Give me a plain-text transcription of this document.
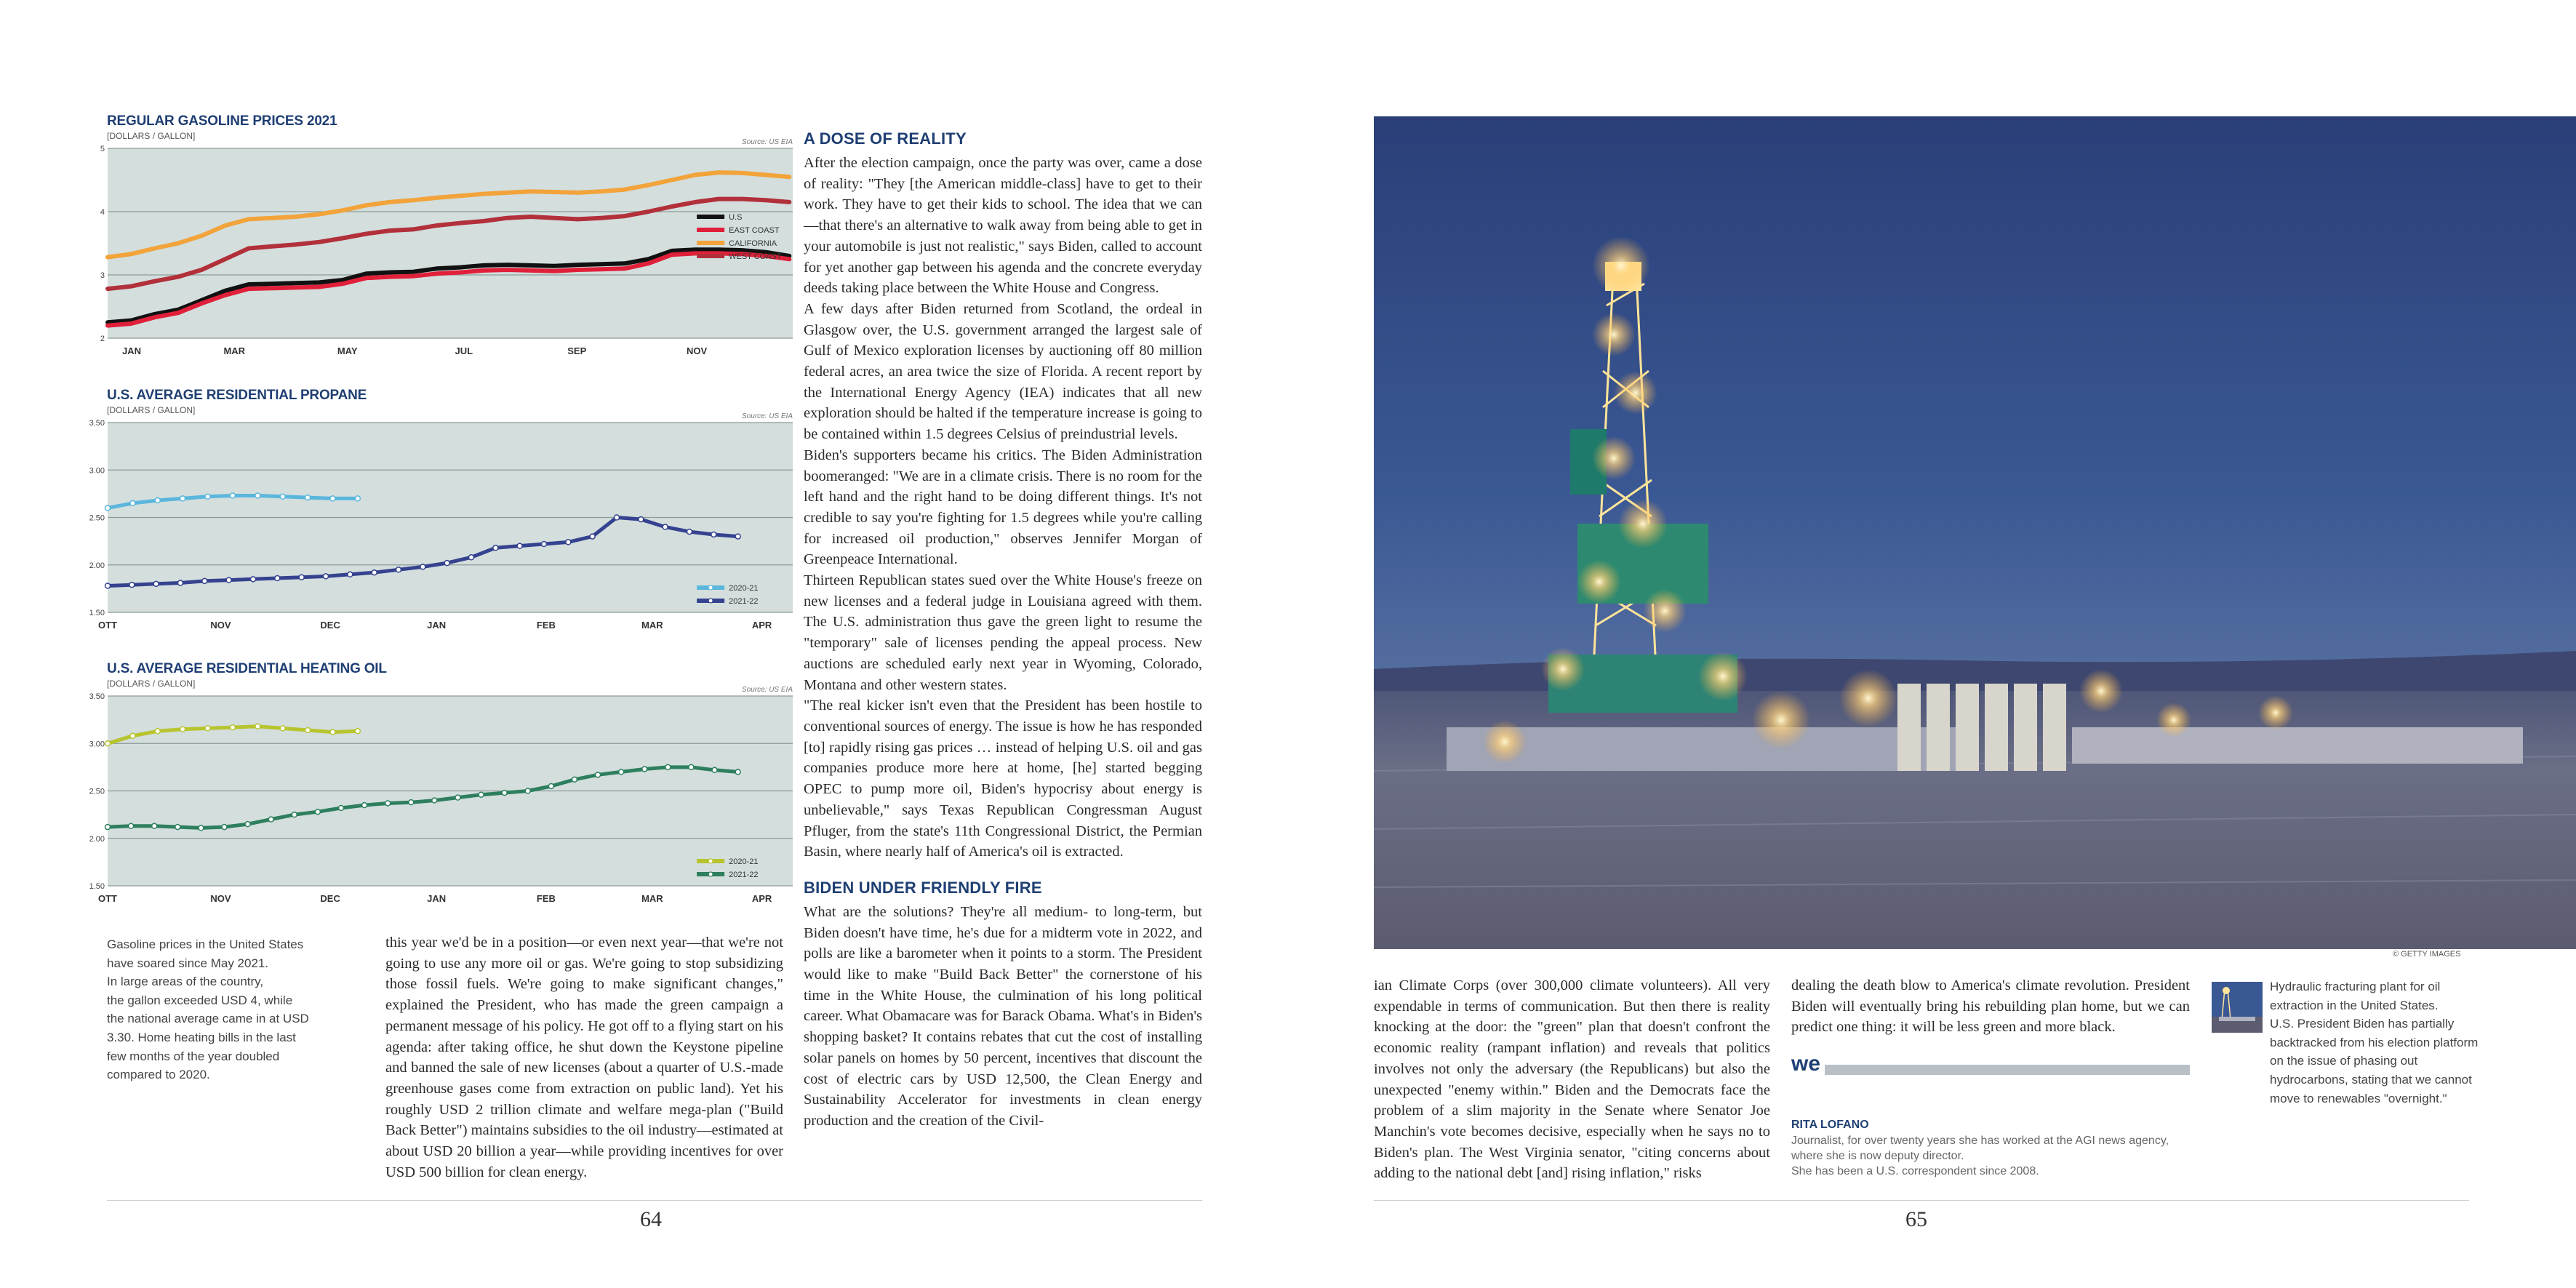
REGULAR GASOLINE PRICES 2021
[DOLLARS / GALLON]
5
4
3
2
Source: US EIA
JAN	MAR	MAY	JUL	SEP	NOV
U.S
EAST COAST
CALIFORNIA
WEST COAST
U.S. AVERAGE RESIDENTIAL PROPANE
[DOLLARS / GALLON]
3.50
3.00
2.50
2.00
1.50
Source: US EIA
OTT	NOV	DEC	JAN	FEB	MAR	APR
2020-21
2021-22
U.S. AVERAGE RESIDENTIAL HEATING OIL
[DOLLARS / GALLON]
3.50
3.00
2.50
2.00
1.50
Source: US EIA
OTT	NOV	DEC	JAN	FEB	MAR	APR
2020-21
2021-22

Gasoline prices in the United States

have soared since May 2021.

In large areas of the country,

the gallon exceeded USD 4, while

the national average came in at USD

3.30. Home heating bills in the last

few months of the year doubled

compared to 2020.

this year we'd be in a position—or even next year—that we're not going to use any more oil or gas. We're going to stop subsidizing those fossil fuels. We're going to make significant changes," explained the President, who has made the green campaign a permanent message of his policy. He got off to a flying start on his agenda: after taking office, he shut down the Keystone pipeline and banned the sale of new licenses (about a quarter of U.S.-made greenhouse gases come from extraction on public land). Yet his roughly USD 2 trillion climate and welfare mega-plan ("Build Back Better") maintains subsidies to the oil industry—estimated at about USD 20 billion a year—while providing incentives for over USD 500 billion for clean energy.

A DOSE OF REALITY

After the election campaign, once the party was over, came a dose of reality: "They [the American middle-class] have to get to their work. They have to get their kids to school. The idea that we can—that there's an alternative to walk away from being able to get in your automobile is just not realistic," says Biden, called to account for yet another gap between his agenda and the concrete everyday deeds taking place between the White House and Congress.

A few days after Biden returned from Scotland, the ordeal in Glasgow over, the U.S. government arranged the largest sale of Gulf of Mexico exploration licenses by auctioning off 80 million federal acres, an area twice the size of Florida. A recent report by the International Energy Agency (IEA) indicates that all new exploration should be halted if the temperature increase is going to be contained within 1.5 degrees Celsius of preindustrial levels.

Biden's supporters became his critics. The Biden Administration boomeranged: "We are in a climate crisis. There is no room for the left hand and the right hand to be doing different things. It's not credible to say you're fighting for 1.5 degrees while you're calling for increased oil production," observes Jennifer Morgan of Greenpeace International.

Thirteen Republican states sued over the White House's freeze on new licenses and a federal judge in Louisiana agreed with them. The U.S. administration thus gave the green light to resume the "temporary" sale of licenses pending the appeal process. New auctions are scheduled early next year in Wyoming, Colorado, Montana and other western states.

"The real kicker isn't even that the President has been hostile to conventional sources of energy. The issue is how he has responded [to] rapidly rising gas prices … instead of helping U.S. oil and gas companies produce more here at home, [he] started begging OPEC to pump more oil, Biden's hypocrisy about energy is unbelievable," says Texas Republican Congressman August Pfluger, from the state's 11th Congressional District, the Permian Basin, where nearly half of America's oil is extracted.

BIDEN UNDER FRIENDLY FIRE

What are the solutions? They're all medium- to long-term, but Biden doesn't have time, he's due for a midterm vote in 2022, and polls are like a barometer when it points to a storm. The President would like to make "Build Back Better" the cornerstone of his time in the White House, the culmination of his long political career. What Obamacare was for Barack Obama. What's in Biden's shopping basket? It contains rebates that cut the cost of installing solar panels on homes by 50 percent, incentives that discount the cost of electric cars by USD 12,500, the Clean Energy and Sustainability Accelerator for investments in clean energy production and the creation of the Civil-

64
© GETTY IMAGES

ian Climate Corps (over 300,000 climate volunteers). All very expendable in terms of communication. But then there is reality knocking at the door: the "green" plan that doesn't confront the economic reality (rampant inflation) and reveals that politics involves not only the adversary (the Republicans) but also the unexpected "enemy within." Biden and the Democrats face the problem of a slim majority in the Senate where Senator Joe Manchin's vote becomes decisive, especially when he says no to Biden's plan. The West Virginia senator, "citing concerns about adding to the national debt [and] rising inflation," risks

dealing the death blow to America's climate revolution. President Biden will eventually bring his rebuilding plan home, but we can predict one thing: it will be less green and more black.

we
RITA LOFANO
Journalist, for over twenty years she has worked at the AGI news agency,
where she is now deputy director.
She has been a U.S. correspondent since 2008.

Hydraulic fracturing plant for oil

extraction in the United States.

U.S. President Biden has partially

backtracked from his election platform

on the issue of phasing out

hydrocarbons, stating that we cannot

move to renewables "overnight."

65
